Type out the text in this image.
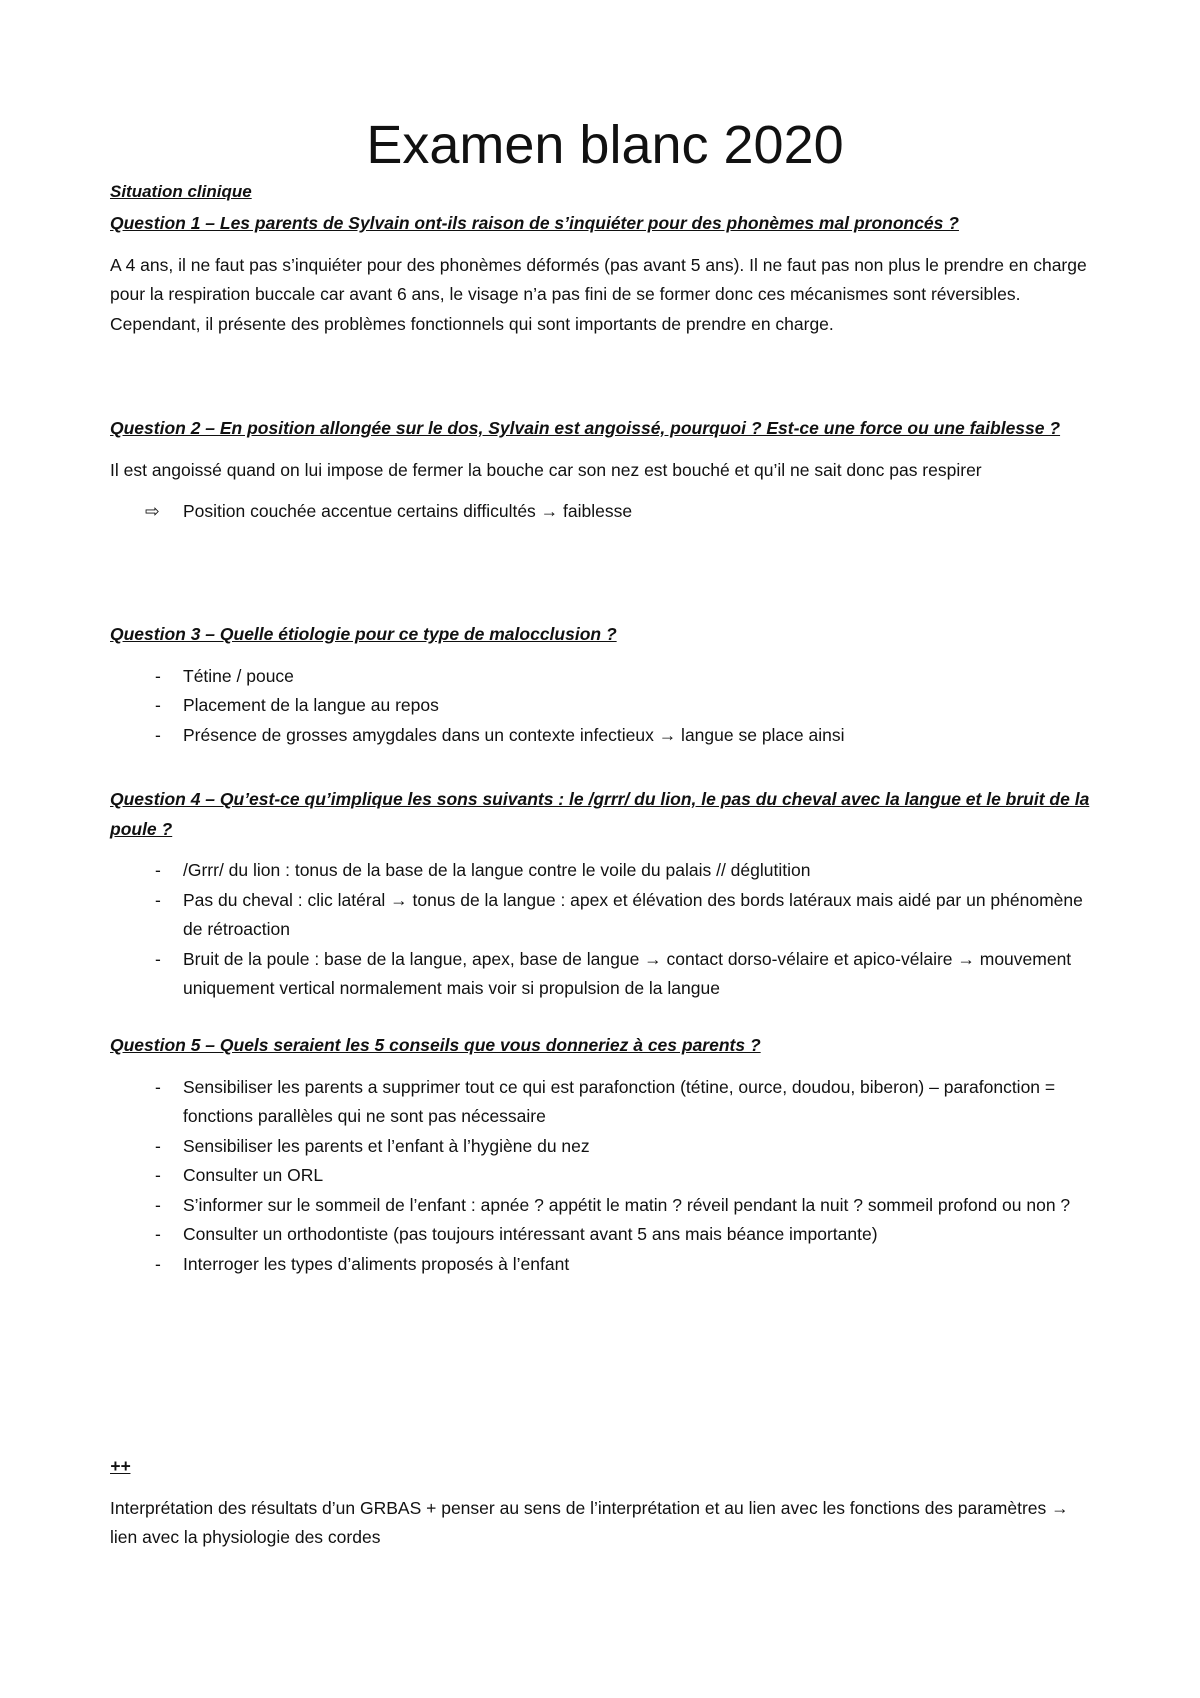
Examen blanc 2020

Situation clinique

Question 1 – Les parents de Sylvain ont-ils raison de s’inquiéter pour des phonèmes mal prononcés ?

A 4 ans, il ne faut pas s’inquiéter pour des phonèmes déformés (pas avant 5 ans). Il ne faut pas non plus le prendre en charge pour la respiration buccale car avant 6 ans, le visage n’a pas fini de se former donc ces mécanismes sont réversibles. Cependant, il présente des problèmes fonctionnels qui sont importants de prendre en charge.

Question 2 – En position allongée sur le dos, Sylvain est angoissé, pourquoi ? Est-ce une force ou une faiblesse ?

Il est angoissé quand on lui impose de fermer la bouche car son nez est bouché et qu’il ne sait donc pas respirer

⇨ Position couchée accentue certains difficultés → faiblesse

Question 3 – Quelle étiologie pour ce type de malocclusion ?

- Tétine / pouce
- Placement de la langue au repos
- Présence de grosses amygdales dans un contexte infectieux → langue se place ainsi

Question 4 – Qu’est-ce qu’implique les sons suivants : le /grrr/ du lion, le pas du cheval avec la langue et le bruit de la poule ?

- /Grrr/ du lion : tonus de la base de la langue contre le voile du palais // déglutition
- Pas du cheval : clic latéral → tonus de la langue : apex et élévation des bords latéraux mais aidé par un phénomène de rétroaction
- Bruit de la poule : base de la langue, apex, base de langue → contact dorso-vélaire et apico-vélaire → mouvement uniquement vertical normalement mais voir si propulsion de la langue

Question 5 – Quels seraient les 5 conseils que vous donneriez à ces parents ?

- Sensibiliser les parents a supprimer tout ce qui est parafonction (tétine, ource, doudou, biberon) – parafonction = fonctions parallèles qui ne sont pas nécessaire
- Sensibiliser les parents et l’enfant à l’hygiène du nez
- Consulter un ORL
- S’informer sur le sommeil de l’enfant : apnée ? appétit le matin ? réveil pendant la nuit ? sommeil profond ou non ?
- Consulter un orthodontiste (pas toujours intéressant avant 5 ans mais béance importante)
- Interroger les types d’aliments proposés à l’enfant

++

Interprétation des résultats d’un GRBAS + penser au sens de l’interprétation et au lien avec les fonctions des paramètres → lien avec la physiologie des cordes
